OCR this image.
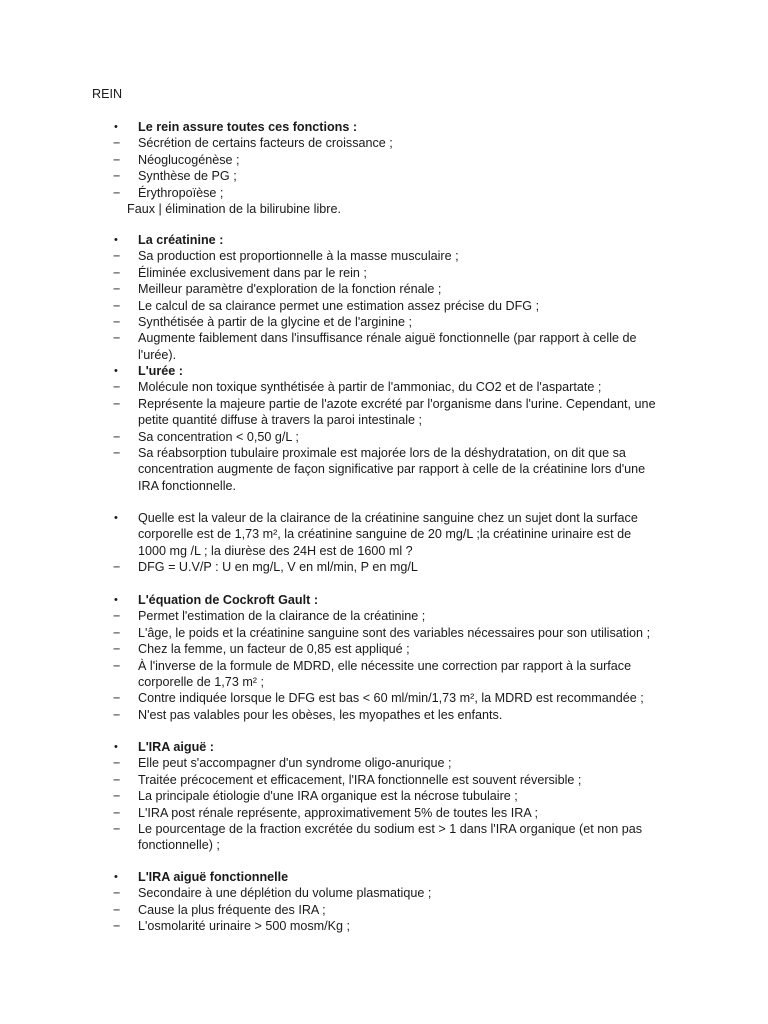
REIN
•	Le rein assure toutes ces fonctions :
−	Sécrétion de certains facteurs de croissance ;
−	Néoglucogénèse ;
−	Synthèse de PG ;
−	Érythropoïèse ;
Faux | élimination de la bilirubine libre.
•	La créatinine :
−	Sa production est proportionnelle à la masse musculaire ;
−	Éliminée exclusivement dans par le rein ;
−	Meilleur paramètre d'exploration de la fonction rénale ;
−	Le calcul de sa clairance permet une estimation assez précise du DFG ;
−	Synthétisée à partir de la glycine et de l'arginine ;
−	Augmente faiblement dans l'insuffisance rénale aiguë fonctionnelle (par rapport à celle de
l'urée).
•	L'urée :
−	Molécule non toxique synthétisée à partir de l'ammoniac, du CO2 et de l'aspartate ;
−	Représente la majeure partie de l'azote excrété par l'organisme dans l'urine. Cependant, une
petite quantité diffuse à travers la paroi intestinale ;
−	Sa concentration < 0,50 g/L ;
−	Sa réabsorption tubulaire proximale est majorée lors de la déshydratation, on dit que sa
concentration augmente de façon significative par rapport à celle de la créatinine lors d'une
IRA fonctionnelle.
•	Quelle est la valeur de la clairance de la créatinine sanguine chez un sujet dont la surface
corporelle est de 1,73 m², la créatinine sanguine de 20 mg/L ;la créatinine urinaire est de
1000 mg /L ; la diurèse des 24H est de 1600 ml ?
−	DFG = U.V/P : U en mg/L, V en ml/min, P en mg/L
•	L'équation de Cockroft Gault :
−	Permet l'estimation de la clairance de la créatinine ;
−	L'âge, le poids et la créatinine sanguine sont des variables nécessaires pour son utilisation ;
−	Chez la femme, un facteur de 0,85 est appliqué ;
−	À l'inverse de la formule de MDRD, elle nécessite une correction par rapport à la surface
corporelle de 1,73 m² ;
−	Contre indiquée lorsque le DFG est bas < 60 ml/min/1,73 m², la MDRD est recommandée ;
−	N'est pas valables pour les obèses, les myopathes et les enfants.
•	L'IRA aiguë :
−	Elle peut s'accompagner d'un syndrome oligo-anurique ;
−	Traitée précocement et efficacement, l'IRA fonctionnelle est souvent réversible ;
−	La principale étiologie d'une IRA organique est la nécrose tubulaire ;
−	L'IRA post rénale représente, approximativement 5% de toutes les IRA ;
−	Le pourcentage de la fraction excrétée du sodium est > 1 dans l'IRA organique (et non pas
fonctionnelle) ;
•	L'IRA aiguë fonctionnelle
−	Secondaire à une déplétion du volume plasmatique ;
−	Cause la plus fréquente des IRA ;
−	L'osmolarité urinaire > 500 mosm/Kg ;
